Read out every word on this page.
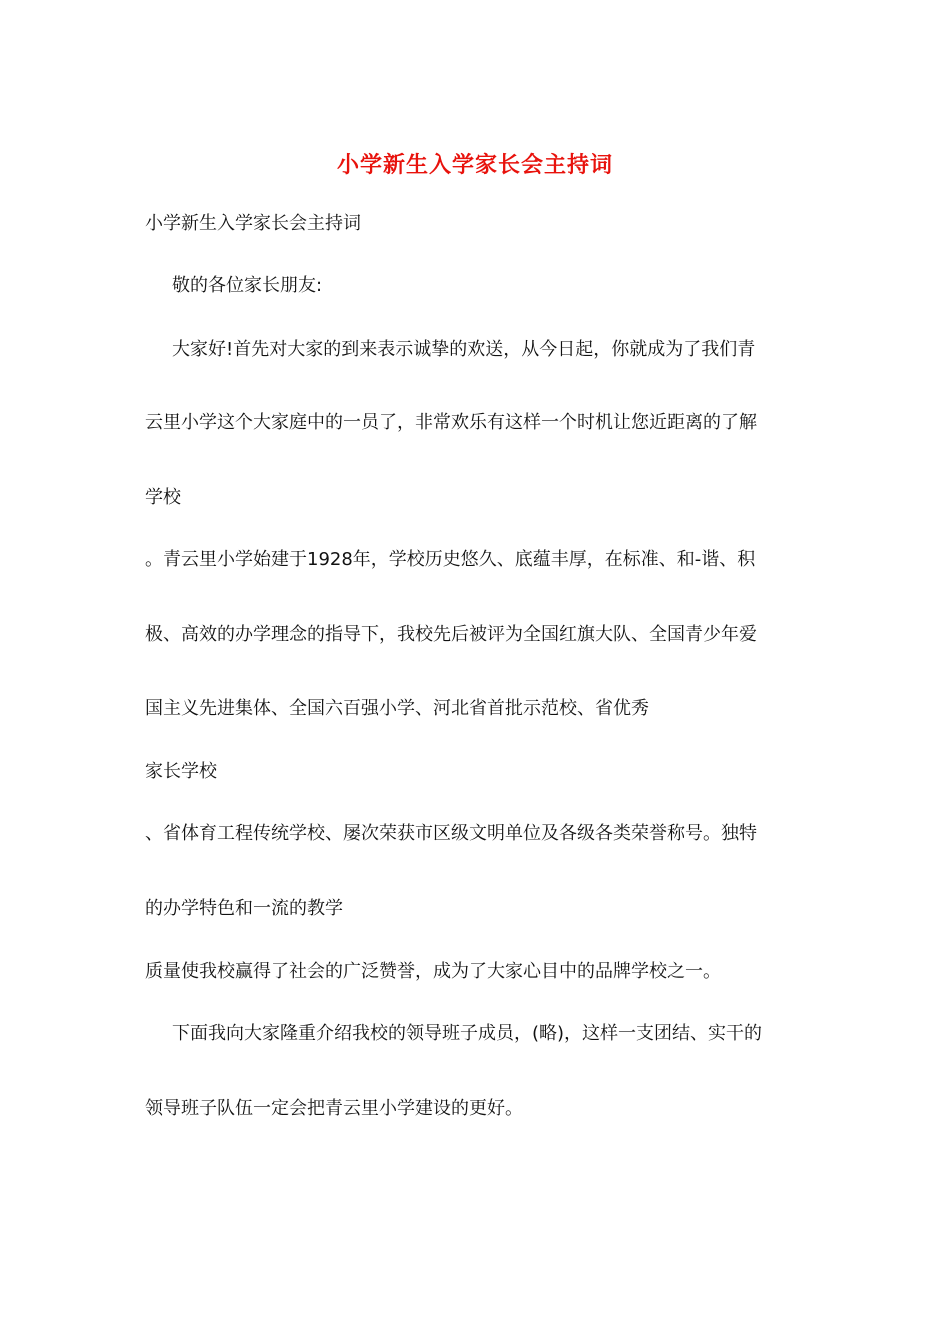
小学新生入学家长会主持词
小学新生入学家长会主持词
敬的各位家长朋友:
大家好!首先对大家的到来表示诚挚的欢送，从今日起，你就成为了我们青
云里小学这个大家庭中的一员了，非常欢乐有这样一个时机让您近距离的了解
学校
。青云里小学始建于1928年，学校历史悠久、底蕴丰厚，在标准、和-谐、积
极、高效的办学理念的指导下，我校先后被评为全国红旗大队、全国青少年爱
国主义先进集体、全国六百强小学、河北省首批示范校、省优秀
家长学校
、省体育工程传统学校、屡次荣获市区级文明单位及各级各类荣誉称号。独特
的办学特色和一流的教学
质量使我校赢得了社会的广泛赞誉，成为了大家心目中的品牌学校之一。
下面我向大家隆重介绍我校的领导班子成员，(略)，这样一支团结、实干的
领导班子队伍一定会把青云里小学建设的更好。
